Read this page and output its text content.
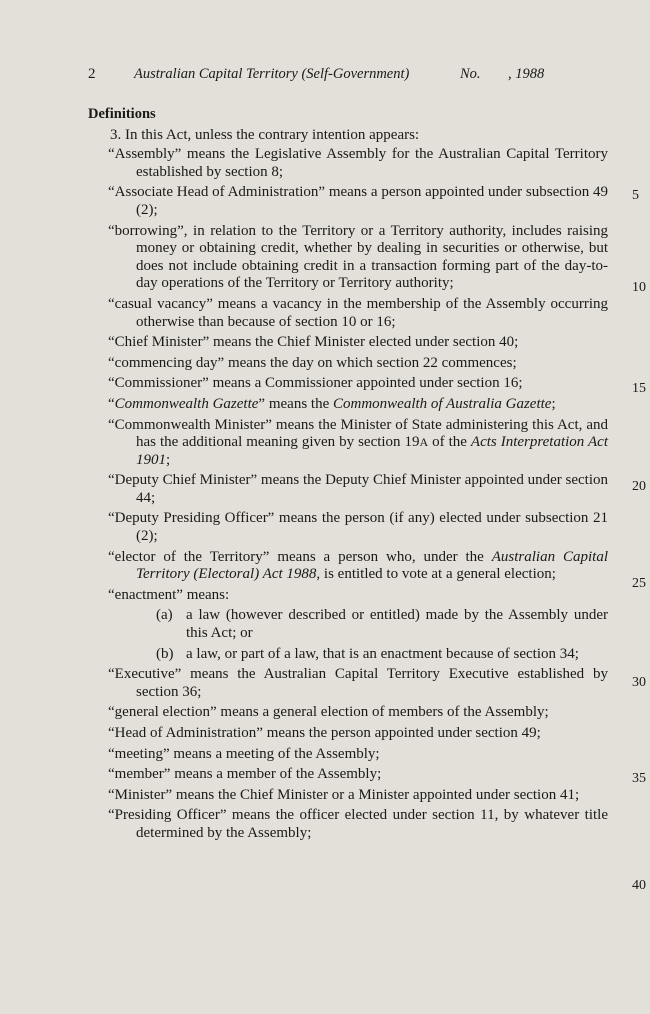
2	Australian Capital Territory (Self-Government)	No. , 1988
Definitions
3. In this Act, unless the contrary intention appears:
“Assembly” means the Legislative Assembly for the Australian Capital Territory established by section 8;
“Associate Head of Administration” means a person appointed under subsection 49 (2);
“borrowing”, in relation to the Territory or a Territory authority, includes raising money or obtaining credit, whether by dealing in securities or otherwise, but does not include obtaining credit in a transaction forming part of the day-to-day operations of the Territory or Territory authority;
“casual vacancy” means a vacancy in the membership of the Assembly occurring otherwise than because of section 10 or 16;
“Chief Minister” means the Chief Minister elected under section 40;
“commencing day” means the day on which section 22 commences;
“Commissioner” means a Commissioner appointed under section 16;
“Commonwealth Gazette” means the Commonwealth of Australia Gazette;
“Commonwealth Minister” means the Minister of State administering this Act, and has the additional meaning given by section 19A of the Acts Interpretation Act 1901;
“Deputy Chief Minister” means the Deputy Chief Minister appointed under section 44;
“Deputy Presiding Officer” means the person (if any) elected under subsection 21 (2);
“elector of the Territory” means a person who, under the Australian Capital Territory (Electoral) Act 1988, is entitled to vote at a general election;
“enactment” means:
(a) a law (however described or entitled) made by the Assembly under this Act; or
(b) a law, or part of a law, that is an enactment because of section 34;
“Executive” means the Australian Capital Territory Executive established by section 36;
“general election” means a general election of members of the Assembly;
“Head of Administration” means the person appointed under section 49;
“meeting” means a meeting of the Assembly;
“member” means a member of the Assembly;
“Minister” means the Chief Minister or a Minister appointed under section 41;
“Presiding Officer” means the officer elected under section 11, by whatever title determined by the Assembly;
5
10
15
20
25
30
35
40
